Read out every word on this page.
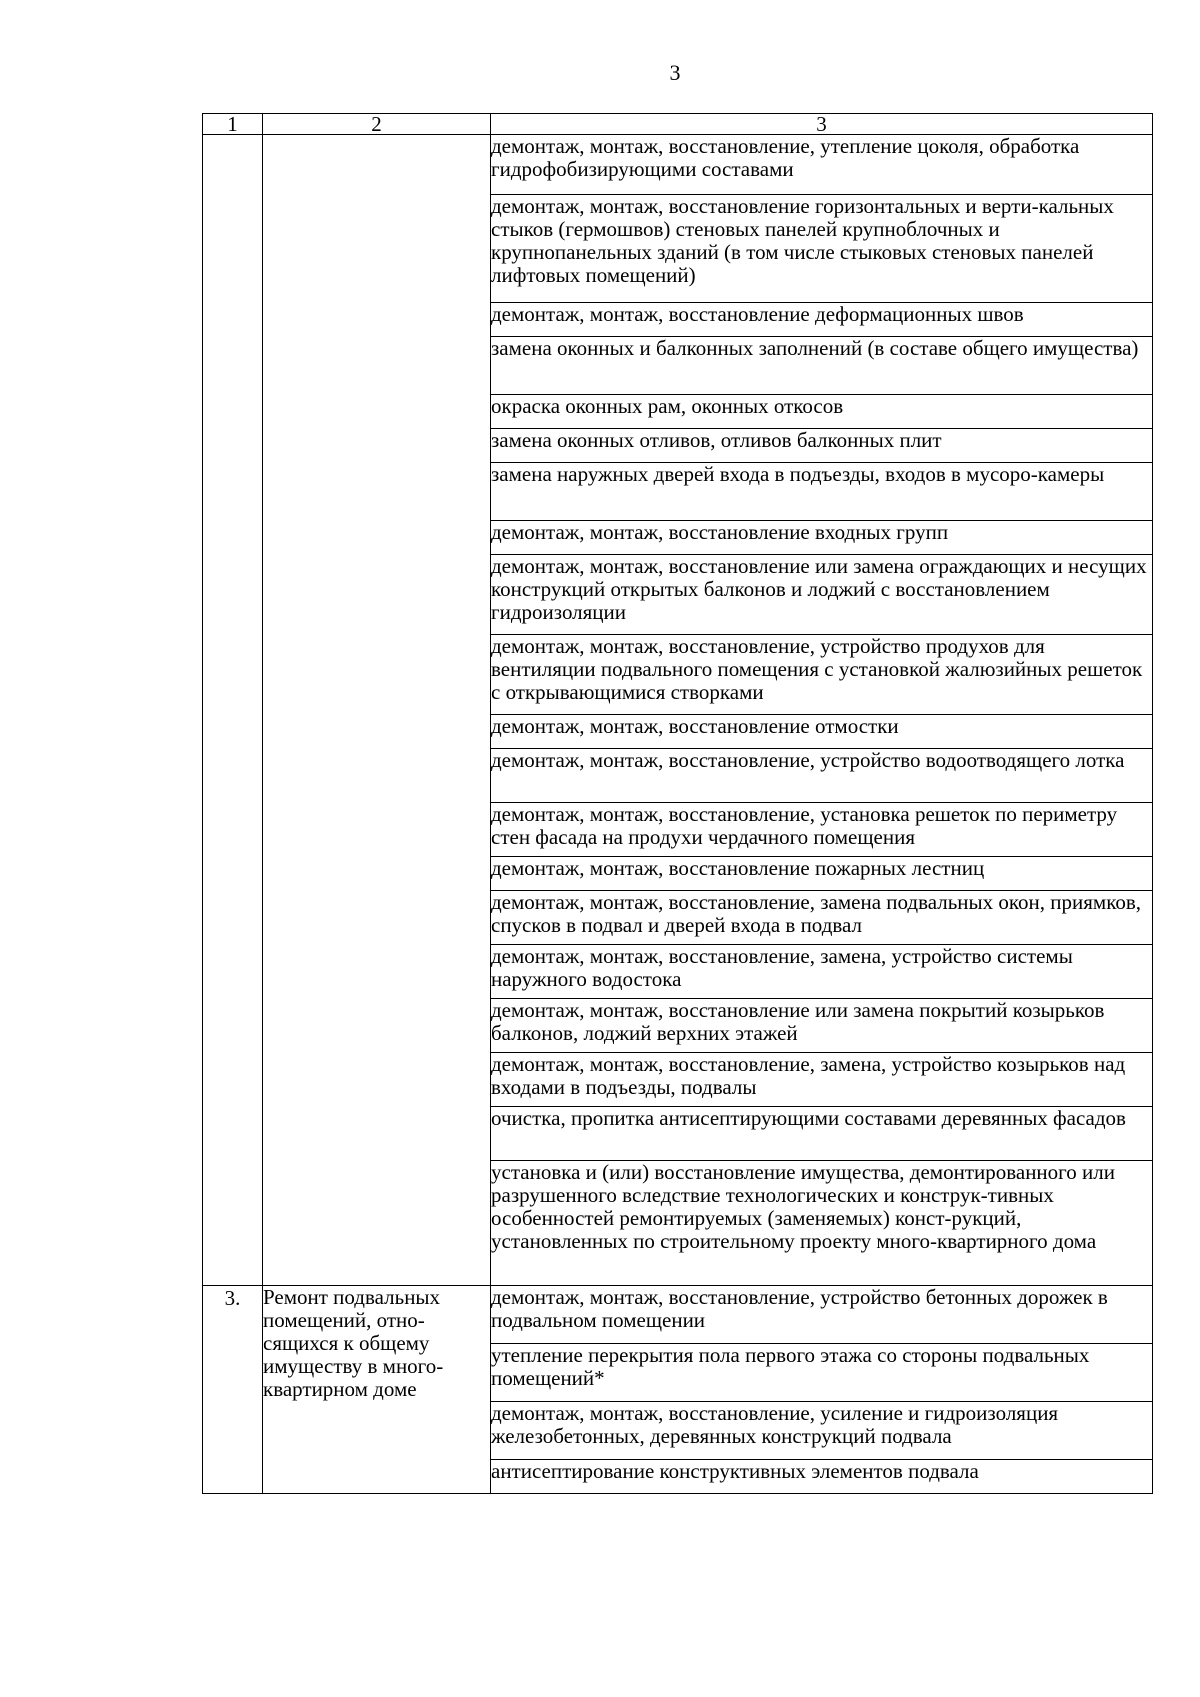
3
1	2	3
		демонтаж, монтаж, восстановление, утепление цоколя, обработка гидрофобизирующими составами
		демонтаж, монтаж, восстановление горизонтальных и верти-кальных стыков (гермошвов) стеновых панелей крупноблочных и крупнопанельных зданий (в том числе стыковых стеновых панелей лифтовых помещений)
		демонтаж, монтаж, восстановление деформационных швов
		замена оконных и балконных заполнений (в составе общего имущества)
		окраска оконных рам, оконных откосов
		замена оконных отливов, отливов балконных плит
		замена наружных дверей входа в подъезды, входов в мусоро-камеры
		демонтаж, монтаж, восстановление входных групп
		демонтаж, монтаж, восстановление или замена ограждающих и несущих конструкций открытых балконов и лоджий с восстановлением гидроизоляции
		демонтаж, монтаж, восстановление, устройство продухов для вентиляции подвального помещения с установкой жалюзийных решеток с открывающимися створками
		демонтаж, монтаж, восстановление отмостки
		демонтаж, монтаж, восстановление, устройство водоотводящего лотка
		демонтаж, монтаж, восстановление, установка решеток по периметру стен фасада на продухи чердачного помещения
		демонтаж, монтаж, восстановление пожарных лестниц
		демонтаж, монтаж, восстановление, замена подвальных окон, приямков, спусков в подвал и дверей входа в подвал
		демонтаж, монтаж, восстановление, замена, устройство системы наружного водостока
		демонтаж, монтаж, восстановление или замена покрытий козырьков балконов, лоджий верхних этажей
		демонтаж, монтаж, восстановление, замена, устройство козырьков над входами в подъезды, подвалы
		очистка, пропитка антисептирующими составами деревянных фасадов
		установка и (или) восстановление имущества, демонтированного или разрушенного вследствие технологических и конструк-тивных особенностей ремонтируемых (заменяемых) конст-рукций, установленных по строительному проекту много-квартирного дома
3.	Ремонт подвальных помещений, отно-сящихся к общему имуществу в много-квартирном доме	демонтаж, монтаж, восстановление, устройство бетонных дорожек в подвальном помещении
		утепление перекрытия пола первого этажа со стороны подвальных помещений*
		демонтаж, монтаж, восстановление, усиление и гидроизоляция железобетонных, деревянных конструкций подвала
		антисептирование конструктивных элементов подвала
